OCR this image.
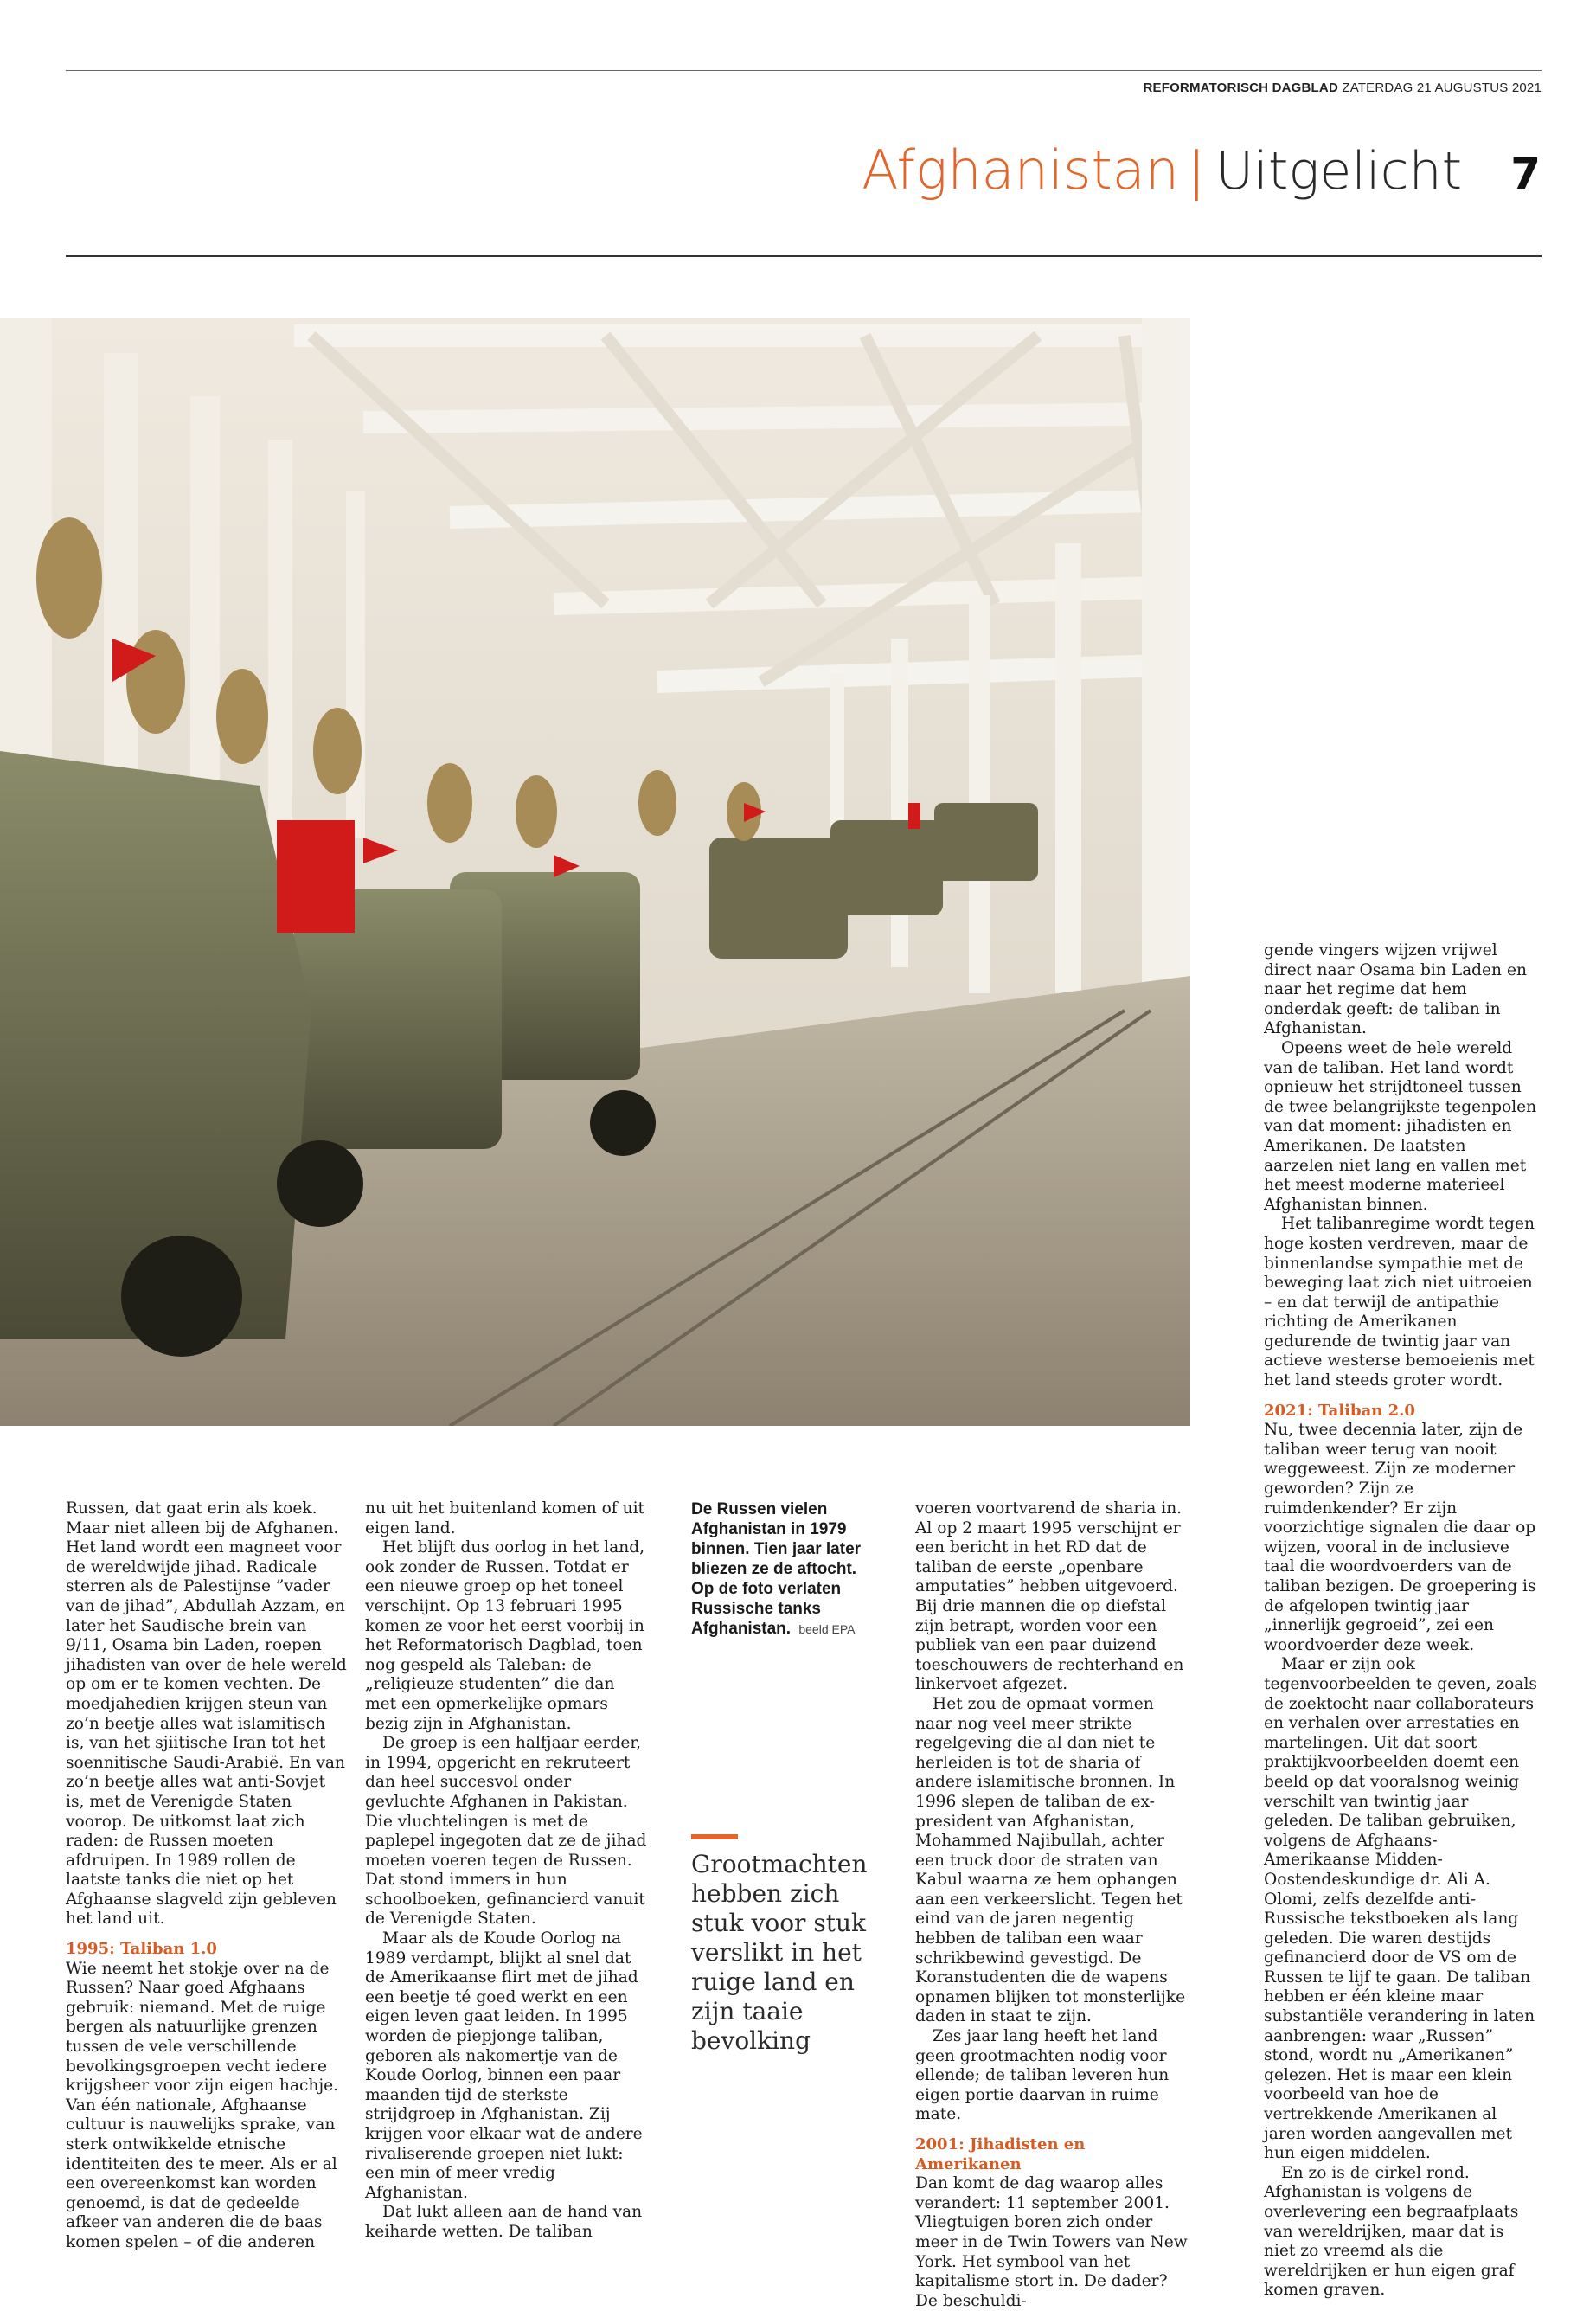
REFORMATORISCH DAGBLAD ZATERDAG 21 AUGUSTUS 2021
Afghanistan | Uitgelicht 7

Russen, dat gaat erin als koek. Maar niet alleen bij de Afghanen. Het land wordt een magneet voor de wereldwijde jihad. Radicale sterren als de Palestijnse ”vader van de jihad”, Abdullah Azzam, en later het Saudische brein van 9/11, Osama bin Laden, roepen jihadisten van over de hele wereld op om er te komen vechten. De moedjahedien krijgen steun van zo’n beetje alles wat islamitisch is, van het sjiitische Iran tot het soennitische Saudi-Arabië. En van zo’n beetje alles wat anti-Sovjet is, met de Verenigde Staten voorop. De uitkomst laat zich raden: de Russen moeten afdruipen. In 1989 rollen de laatste tanks die niet op het Afghaanse slagveld zijn gebleven het land uit.

1995: Taliban 1.0

Wie neemt het stokje over na de Russen? Naar goed Afghaans gebruik: niemand. Met de ruige bergen als natuurlijke grenzen tussen de vele verschillende bevolkingsgroepen vecht iedere krijgsheer voor zijn eigen hachje. Van één nationale, Afghaanse cultuur is nauwelijks sprake, van sterk ontwikkelde etnische identiteiten des te meer. Als er al een overeenkomst kan worden genoemd, is dat de gedeelde afkeer van anderen die de baas komen spelen – of die anderen

nu uit het buitenland komen of uit eigen land.

Het blijft dus oorlog in het land, ook zonder de Russen. Totdat er een nieuwe groep op het toneel verschijnt. Op 13 februari 1995 komen ze voor het eerst voorbij in het Reformatorisch Dagblad, toen nog gespeld als Taleban: de „religieuze studenten” die dan met een opmerkelijke opmars bezig zijn in Afghanistan.

De groep is een halfjaar eerder, in 1994, opgericht en rekruteert dan heel succesvol onder gevluchte Afghanen in Pakistan. Die vluchtelingen is met de paplepel ingegoten dat ze de jihad moeten voeren tegen de Russen. Dat stond immers in hun schoolboeken, gefinancierd vanuit de Verenigde Staten.

Maar als de Koude Oorlog na 1989 verdampt, blijkt al snel dat de Amerikaanse flirt met de jihad een beetje té goed werkt en een eigen leven gaat leiden. In 1995 worden de piepjonge taliban, geboren als nakomertje van de Koude Oorlog, binnen een paar maanden tijd de sterkste strijdgroep in Afghanistan. Zij krijgen voor elkaar wat de andere rivaliserende groepen niet lukt: een min of meer vredig Afghanistan.

Dat lukt alleen aan de hand van keiharde wetten. De taliban

De Russen vielen Afghanistan in 1979 binnen. Tien jaar later bliezen ze de aftocht. Op de foto verlaten Russische tanks Afghanistan. beeld EPA
Grootmachten hebben zich stuk voor stuk verslikt in het ruige land en zijn taaie bevolking

voeren voortvarend de sharia in. Al op 2 maart 1995 verschijnt er een bericht in het RD dat de taliban de eerste „openbare amputaties” hebben uitgevoerd. Bij drie mannen die op diefstal zijn betrapt, worden voor een publiek van een paar duizend toeschouwers de rechterhand en linkervoet afgezet.

Het zou de opmaat vormen naar nog veel meer strikte regelgeving die al dan niet te herleiden is tot de sharia of andere islamitische bronnen. In 1996 slepen de taliban de ex-president van Afghanistan, Mohammed Najibullah, achter een truck door de straten van Kabul waarna ze hem ophangen aan een verkeerslicht. Tegen het eind van de jaren negentig hebben de taliban een waar schrikbewind gevestigd. De Koranstudenten die de wapens opnamen blijken tot monsterlijke daden in staat te zijn.

Zes jaar lang heeft het land geen grootmachten nodig voor ellende; de taliban leveren hun eigen portie daarvan in ruime mate.

2001: Jihadisten en Amerikanen

Dan komt de dag waarop alles verandert: 11 september 2001. Vliegtuigen boren zich onder meer in de Twin Towers van New York. Het symbool van het kapitalisme stort in. De dader? De beschuldi-

gende vingers wijzen vrijwel direct naar Osama bin Laden en naar het regime dat hem onderdak geeft: de taliban in Afghanistan.

Opeens weet de hele wereld van de taliban. Het land wordt opnieuw het strijdtoneel tussen de twee belangrijkste tegenpolen van dat moment: jihadisten en Amerikanen. De laatsten aarzelen niet lang en vallen met het meest moderne materieel Afghanistan binnen.

Het talibanregime wordt tegen hoge kosten verdreven, maar de binnenlandse sympathie met de beweging laat zich niet uitroeien – en dat terwijl de antipathie richting de Amerikanen gedurende de twintig jaar van actieve westerse bemoeienis met het land steeds groter wordt.

2021: Taliban 2.0

Nu, twee decennia later, zijn de taliban weer terug van nooit weggeweest. Zijn ze moderner geworden? Zijn ze ruimdenkender? Er zijn voorzichtige signalen die daar op wijzen, vooral in de inclusieve taal die woordvoerders van de taliban bezigen. De groepering is de afgelopen twintig jaar „innerlijk gegroeid”, zei een woordvoerder deze week.

Maar er zijn ook tegenvoorbeelden te geven, zoals de zoektocht naar collaborateurs en verhalen over arrestaties en martelingen. Uit dat soort praktijkvoorbeelden doemt een beeld op dat vooralsnog weinig verschilt van twintig jaar geleden. De taliban gebruiken, volgens de Afghaans-Amerikaanse Midden-Oostendeskundige dr. Ali A. Olomi, zelfs dezelfde anti-Russische tekstboeken als lang geleden. Die waren destijds gefinancierd door de VS om de Russen te lijf te gaan. De taliban hebben er één kleine maar substantiële verandering in laten aanbrengen: waar „Russen” stond, wordt nu „Amerikanen” gelezen. Het is maar een klein voorbeeld van hoe de vertrekkende Amerikanen al jaren worden aangevallen met hun eigen middelen.

En zo is de cirkel rond. Afghanistan is volgens de overlevering een begraafplaats van wereldrijken, maar dat is niet zo vreemd als die wereldrijken er hun eigen graf komen graven.
